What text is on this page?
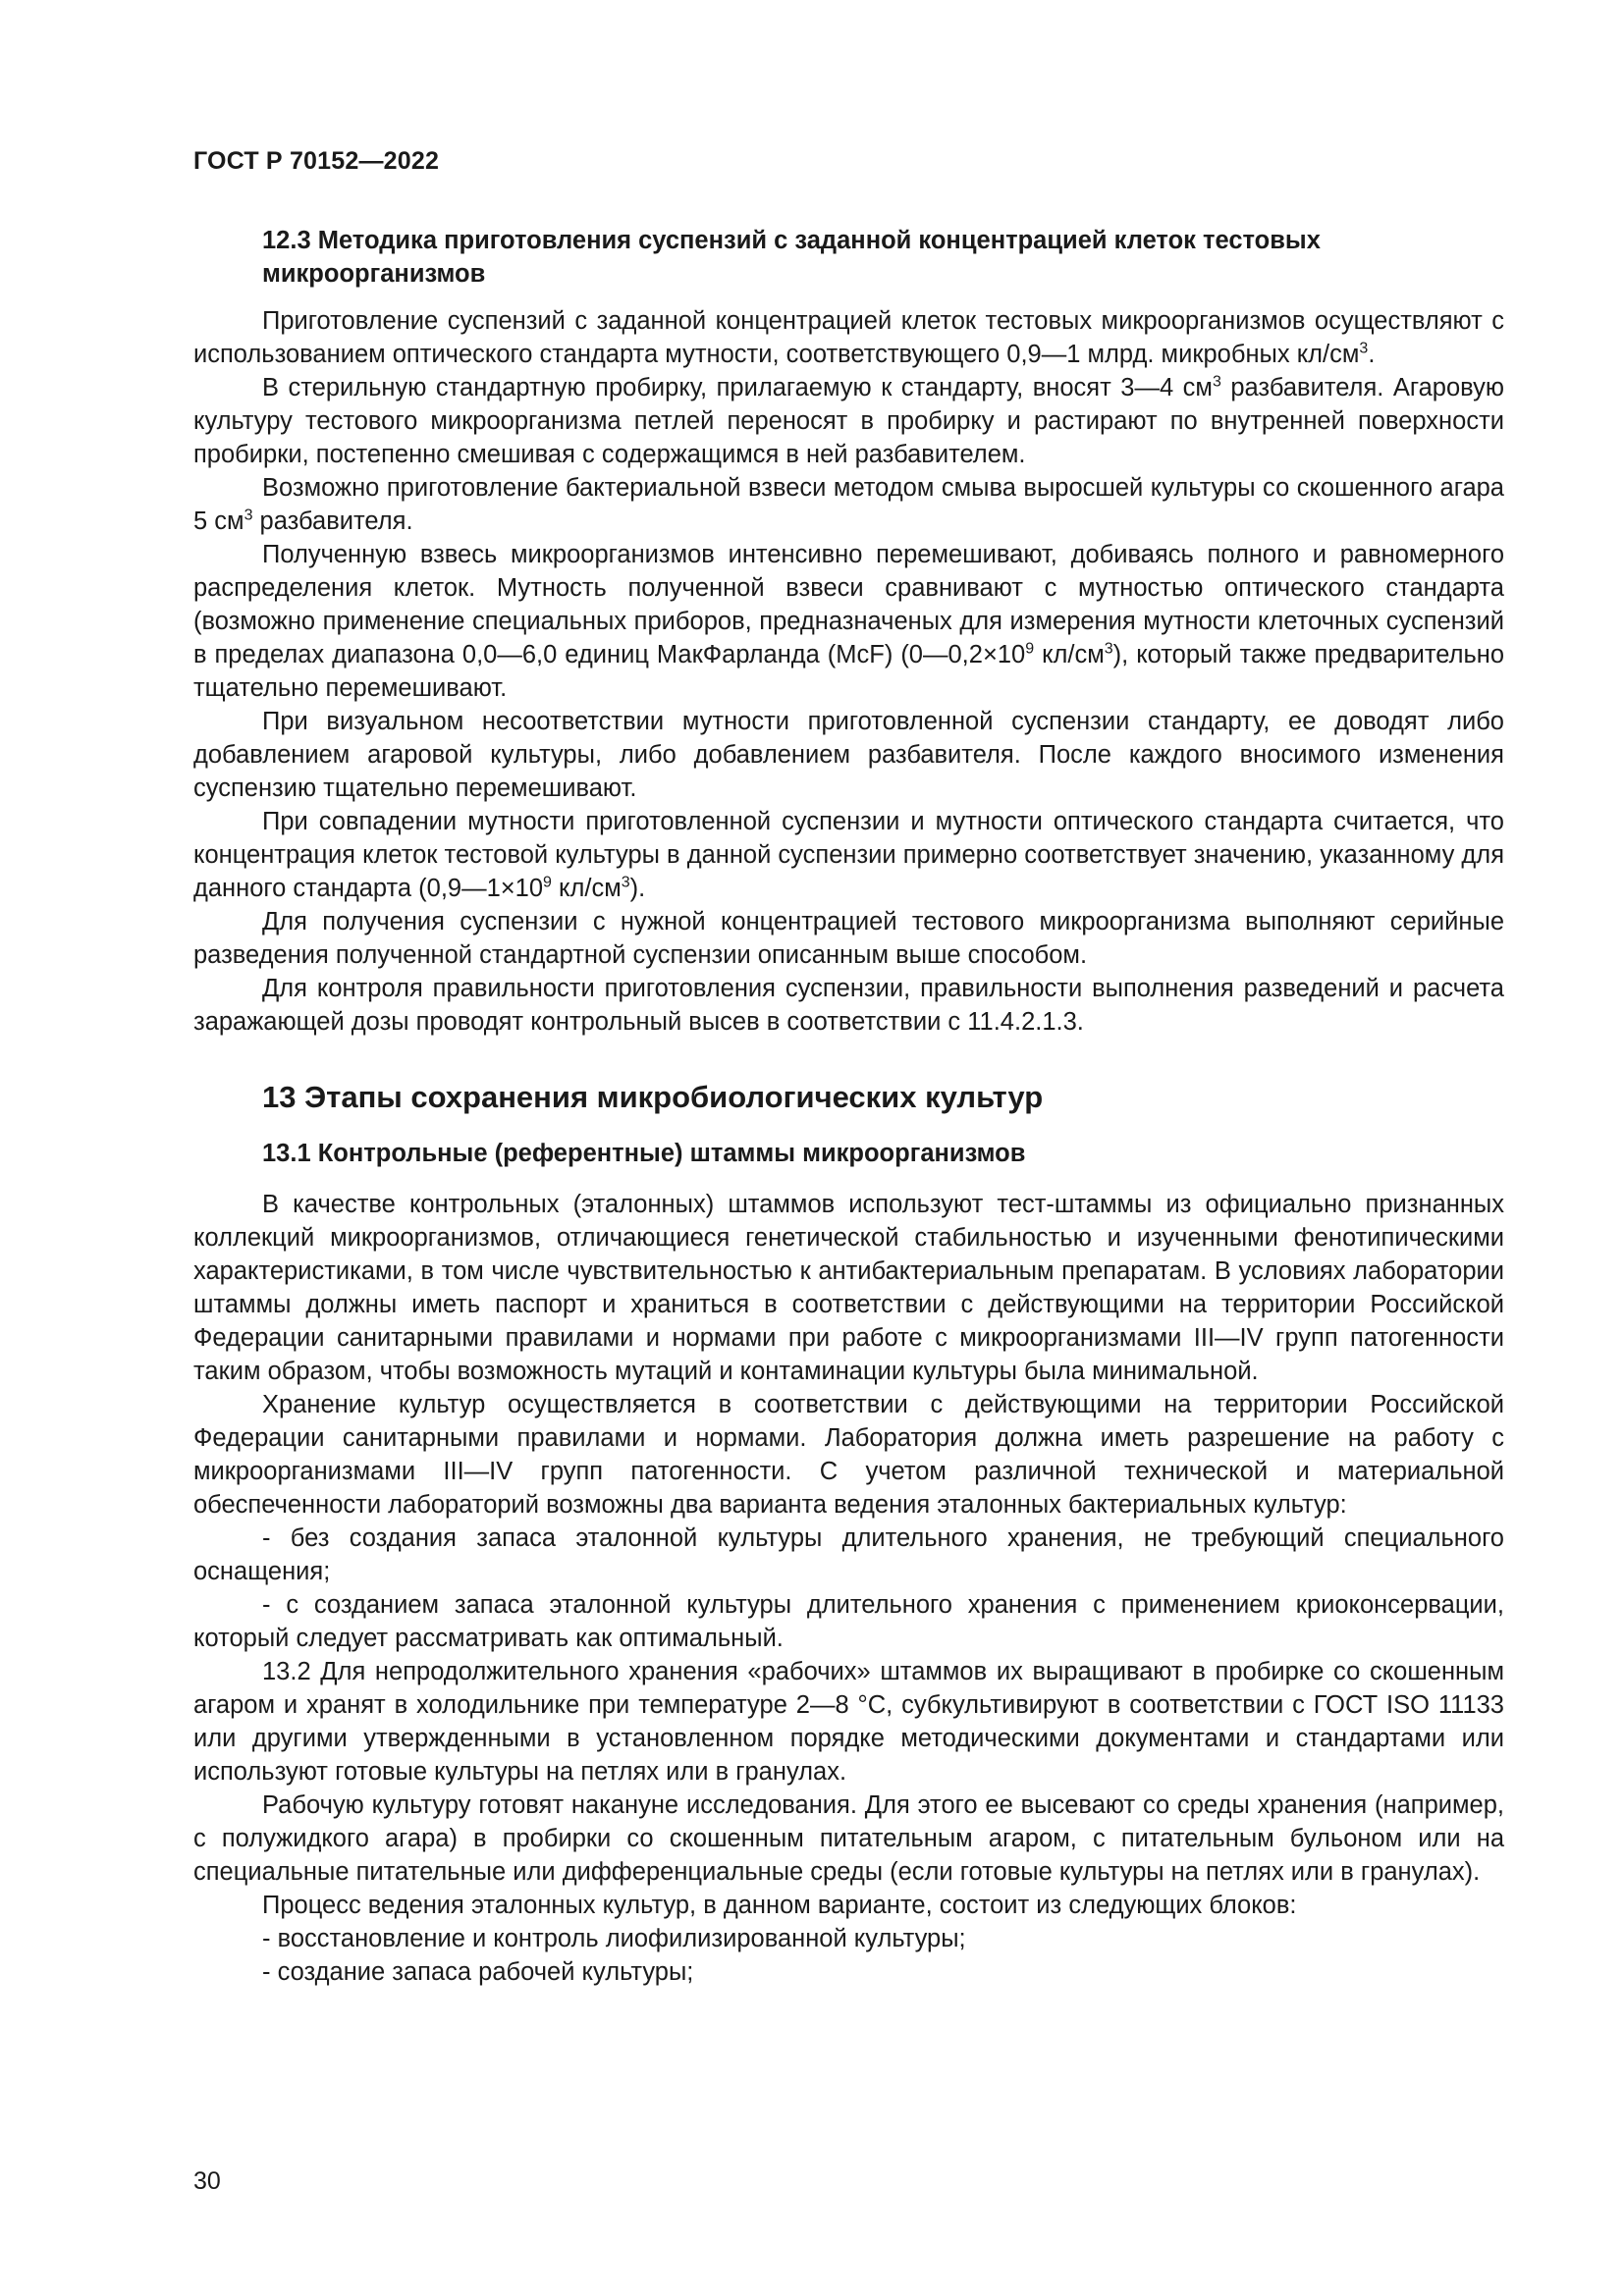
ГОСТ Р 70152—2022
12.3 Методика приготовления суспензий с заданной концентрацией клеток тестовых микроорганизмов

Приготовление суспензий с заданной концентрацией клеток тестовых микроорганизмов осуществляют с использованием оптического стандарта мутности, соответствующего 0,9—1 млрд. микробных $кл/см^3$.

В стерильную стандартную пробирку, прилагаемую к стандарту, вносят 3—4 $см^3$ разбавителя. Агаровую культуру тестового микроорганизма петлей переносят в пробирку и растирают по внутренней поверхности пробирки, постепенно смешивая с содержащимся в ней разбавителем.

Возможно приготовление бактериальной взвеси методом смыва выросшей культуры со скошенного агара 5 $см^3$ разбавителя.

Полученную взвесь микроорганизмов интенсивно перемешивают, добиваясь полного и равномерного распределения клеток. Мутность полученной взвеси сравнивают с мутностью оптического стандарта (возможно применение специальных приборов, предназначеных для измерения мутности клеточных суспензий в пределах диапазона 0,0—6,0 единиц МакФарланда (McF) ($0—0,2\times 10^9$ $кл/см^3$), который также предварительно тщательно перемешивают.

При визуальном несоответствии мутности приготовленной суспензии стандарту, ее доводят либо добавлением агаровой культуры, либо добавлением разбавителя. После каждого вносимого изменения суспензию тщательно перемешивают.

При совпадении мутности приготовленной суспензии и мутности оптического стандарта считается, что концентрация клеток тестовой культуры в данной суспензии примерно соответствует значению, указанному для данного стандарта ($0,9—1\times 10^9$ $кл/см^3$).

Для получения суспензии с нужной концентрацией тестового микроорганизма выполняют серийные разведения полученной стандартной суспензии описанным выше способом.

Для контроля правильности приготовления суспензии, правильности выполнения разведений и расчета заражающей дозы проводят контрольный высев в соответствии с 11.4.2.1.3.

13 Этапы сохранения микробиологических культур
13.1 Контрольные (референтные) штаммы микроорганизмов

В качестве контрольных (эталонных) штаммов используют тест-штаммы из официально признанных коллекций микроорганизмов, отличающиеся генетической стабильностью и изученными фенотипическими характеристиками, в том числе чувствительностью к антибактериальным препаратам. В условиях лаборатории штаммы должны иметь паспорт и храниться в соответствии с действующими на территории Российской Федерации санитарными правилами и нормами при работе с микроорганизмами III—IV групп патогенности таким образом, чтобы возможность мутаций и контаминации культуры была минимальной.

Хранение культур осуществляется в соответствии с действующими на территории Российской Федерации санитарными правилами и нормами. Лаборатория должна иметь разрешение на работу с микроорганизмами III—IV групп патогенности. С учетом различной технической и материальной обеспеченности лабораторий возможны два варианта ведения эталонных бактериальных культур:

- без создания запаса эталонной культуры длительного хранения, не требующий специального оснащения;

- с созданием запаса эталонной культуры длительного хранения с применением криоконсервации, который следует рассматривать как оптимальный.

13.2 Для непродолжительного хранения «рабочих» штаммов их выращивают в пробирке со скошенным агаром и хранят в холодильнике при температуре 2—8 °С, субкультивируют в соответствии с ГОСТ ISO 11133 или другими утвержденными в установленном порядке методическими документами и стандартами или используют готовые культуры на петлях или в гранулах.

Рабочую культуру готовят накануне исследования. Для этого ее высевают со среды хранения (например, с полужидкого агара) в пробирки со скошенным питательным агаром, с питательным бульоном или на специальные питательные или дифференциальные среды (если готовые культуры на петлях или в гранулах).

Процесс ведения эталонных культур, в данном варианте, состоит из следующих блоков:

- восстановление и контроль лиофилизированной культуры;

- создание запаса рабочей культуры;

30
